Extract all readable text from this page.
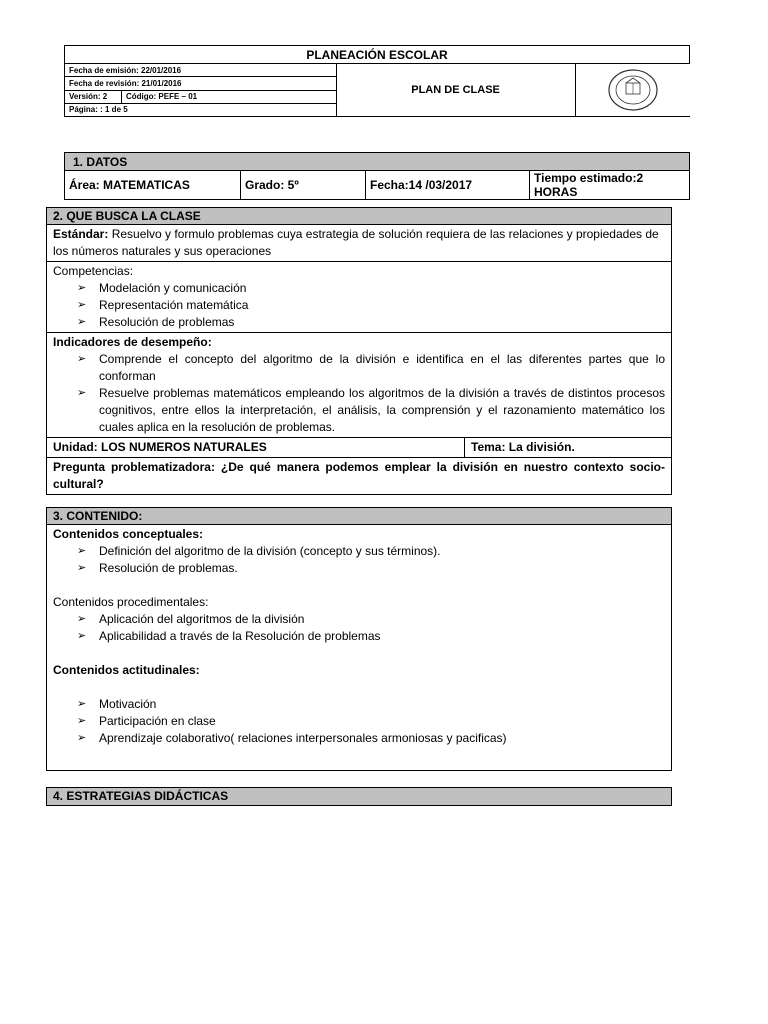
PLANEACIÓN ESCOLAR		
Fecha de emisión: 22/01/2016		PLAN DE CLASE

Fecha de revisión: 21/01/2016		
Versión: 2	Código: PEFE – 01	
Página: : 1 de 5		
1. DATOS
Área: MATEMATICAS	Grado: 5º	Fecha:14 /03/2017	Tiempo estimado:2 HORAS
2. QUE BUSCA LA CLASE
Estándar: Resuelvo y formulo problemas cuya estrategia de solución requiera de las relaciones y propiedades de los números naturales y sus operaciones
Competencias:
➢ Modelación y comunicación
➢ Representación matemática
➢ Resolución de problemas
Indicadores de desempeño:
➢ Comprende el concepto del algoritmo de la división e identifica en el las diferentes partes que lo conforman
➢ Resuelve problemas matemáticos empleando los algoritmos de la división a través de distintos procesos cognitivos, entre ellos la interpretación, el análisis, la comprensión y el razonamiento matemático los cuales aplica en la resolución de problemas.
Unidad: LOS NUMEROS NATURALES	Tema: La división.
Pregunta problematizadora: ¿De qué manera podemos emplear la división en nuestro contexto socio-cultural?
3. CONTENIDO:
Contenidos conceptuales:
➢ Definición del algoritmo de la división (concepto y sus términos).
➢ Resolución de problemas.
Contenidos procedimentales:
➢ Aplicación del algoritmos de la división
➢ Aplicabilidad a través de la Resolución de problemas
Contenidos actitudinales:
➢ Motivación
➢ Participación en clase
➢ Aprendizaje colaborativo( relaciones interpersonales armoniosas y pacificas)
4. ESTRATEGIAS DIDÁCTICAS
